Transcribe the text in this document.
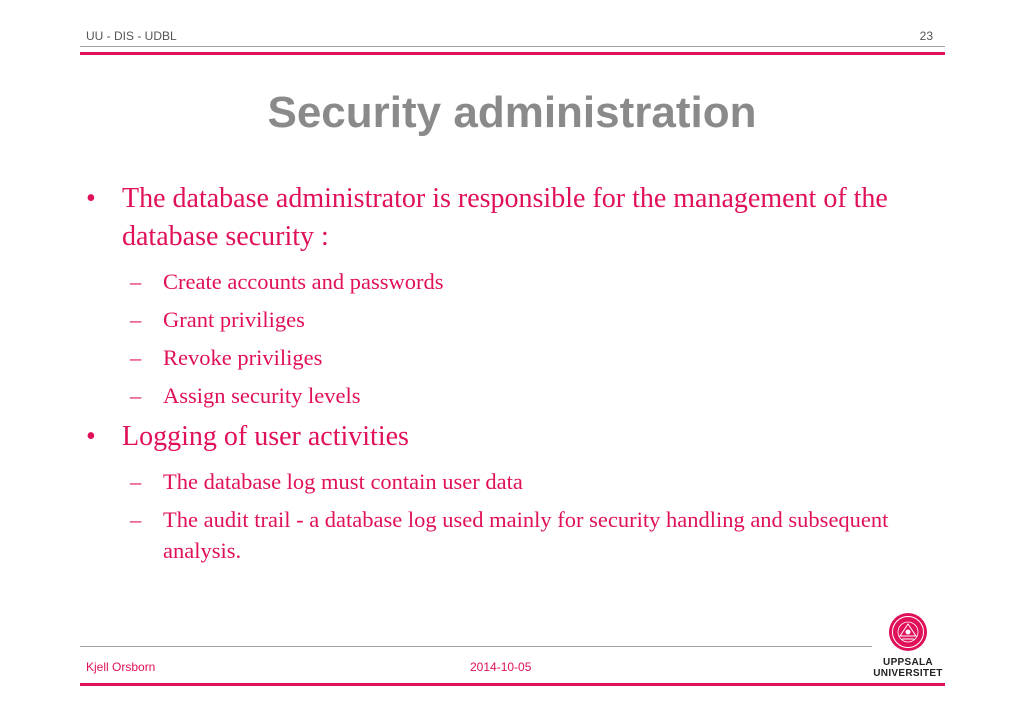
UU - DIS - UDBL	23
Security administration
• The database administrator is responsible for the management of the database security :
– Create accounts and passwords
– Grant priviliges
– Revoke priviliges
– Assign security levels
• Logging of user activities
– The database log must contain user data
– The audit trail - a database log used mainly for security handling and subsequent analysis.
Kjell Orsborn	2014-10-05	UPPSALA
UNIVERSITET
